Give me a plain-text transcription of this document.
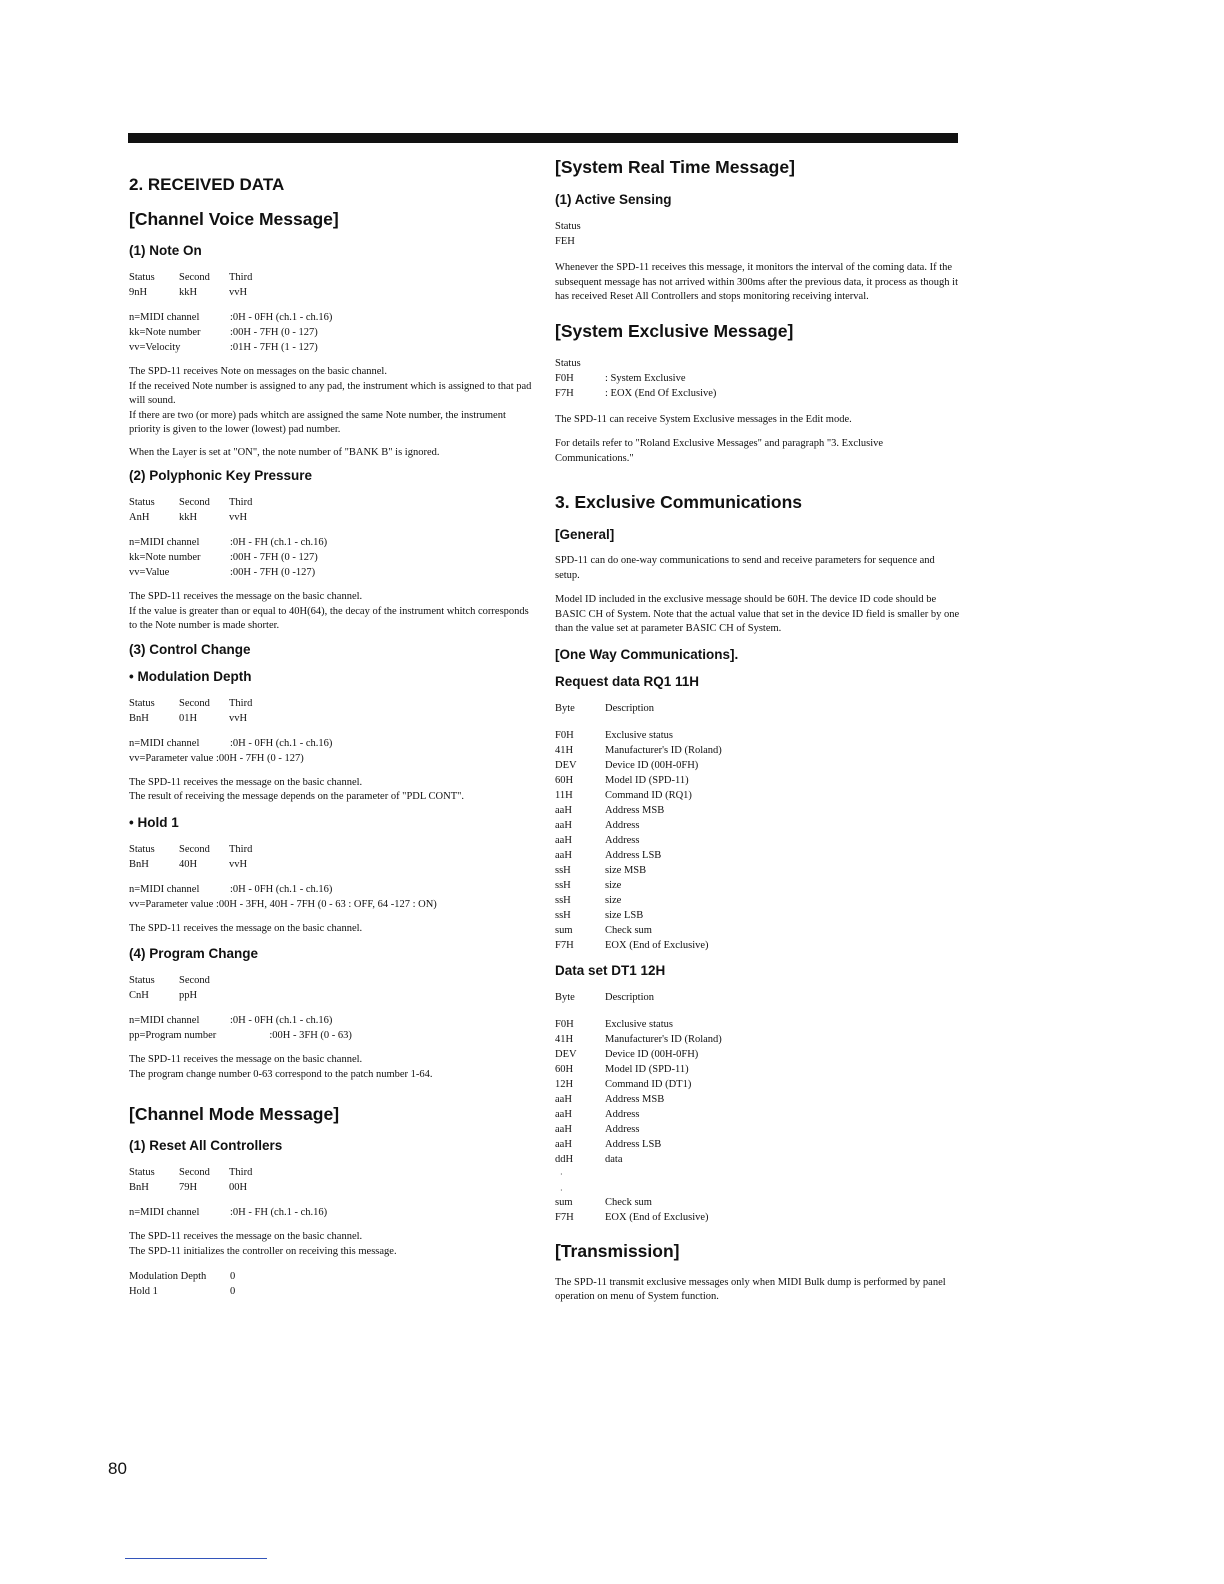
2. RECEIVED DATA
[Channel Voice Message]
(1) Note On
Status	Second	Third
9nH	kkH	vvH
n=MIDI channel	:0H - 0FH (ch.1 - ch.16)
kk=Note number	:00H - 7FH (0 - 127)
vv=Velocity	:01H - 7FH (1 - 127)

The SPD-11 receives Note on messages on the basic channel.

If the received Note number is assigned to any pad, the instrument which is assigned to that pad will sound.

If there are two (or more) pads whitch are assigned the same Note number, the instrument priority is given to the lower (lowest) pad number.

When the Layer is set at "ON", the note number of "BANK B" is ignored.

(2) Polyphonic Key Pressure
Status	Second	Third
AnH	kkH	vvH
n=MIDI channel	:0H - FH (ch.1 - ch.16)
kk=Note number	:00H - 7FH (0 - 127)
vv=Value	:00H - 7FH (0 -127)

The SPD-11 receives the message on the basic channel.

If the value is greater than or equal to 40H(64), the decay of the instrument whitch corresponds to the Note number is made shorter.

(3) Control Change
• Modulation Depth
Status	Second	Third
BnH	01H	vvH
n=MIDI channel	:0H - 0FH (ch.1 - ch.16)
vv=Parameter value :00H - 7FH (0 - 127)

The SPD-11 receives the message on the basic channel.

The result of receiving the message depends on the parameter of "PDL CONT".

• Hold 1
Status	Second	Third
BnH	40H	vvH
n=MIDI channel	:0H - 0FH (ch.1 - ch.16)
vv=Parameter value :00H - 3FH, 40H - 7FH (0 - 63 : OFF, 64 -127 : ON)

The SPD-11 receives the message on the basic channel.

(4) Program Change
Status	Second
CnH	ppH
n=MIDI channel	:0H - 0FH (ch.1 - ch.16)
pp=Program number	:00H - 3FH (0 - 63)

The SPD-11 receives the message on the basic channel.

The program change number 0-63 correspond to the patch number 1-64.

[Channel Mode Message]
(1) Reset All Controllers
Status	Second	Third
BnH	79H	00H
n=MIDI channel	:0H - FH (ch.1 - ch.16)

The SPD-11 receives the message on the basic channel.

The SPD-11 initializes the controller on receiving this message.

Modulation Depth	0
Hold 1	0
[System Real Time Message]
(1) Active Sensing
Status
FEH

Whenever the SPD-11 receives this message, it monitors the interval of the coming data. If the subsequent message has not arrived within 300ms after the previous data, it process as though it has received Reset All Controllers and stops monitoring receiving interval.

[System Exclusive Message]
Status
F0H	: System Exclusive
F7H	: EOX (End Of Exclusive)

The SPD-11 can receive System Exclusive messages in the Edit mode.

For details refer to "Roland Exclusive Messages" and paragraph "3. Exclusive Communications."

3. Exclusive Communications
[General]

SPD-11 can do one-way communications to send and receive parameters for sequence and setup.

Model ID included in the exclusive message should be 60H. The device ID code should be BASIC CH of System. Note that the actual value that set in the device ID field is smaller by one than the value set at parameter BASIC CH of System.

[One Way Communications].
Request data RQ1 11H
Byte	Description
F0H	Exclusive status
41H	Manufacturer's ID (Roland)
DEV	Device ID (00H-0FH)
60H	Model ID (SPD-11)
11H	Command ID (RQ1)
aaH	Address MSB
aaH	Address
aaH	Address
aaH	Address LSB
ssH	size MSB
ssH	size
ssH	size
ssH	size LSB
sum	Check sum
F7H	EOX (End of Exclusive)
Data set DT1 12H
Byte	Description
F0H	Exclusive status
41H	Manufacturer's ID (Roland)
DEV	Device ID (00H-0FH)
60H	Model ID (SPD-11)
12H	Command ID (DT1)
aaH	Address MSB
aaH	Address
aaH	Address
aaH	Address LSB
ddH	data
·
·
sum	Check sum
F7H	EOX (End of Exclusive)
[Transmission]

The SPD-11 transmit exclusive messages only when MIDI Bulk dump is performed by panel operation on menu of System function.

80
